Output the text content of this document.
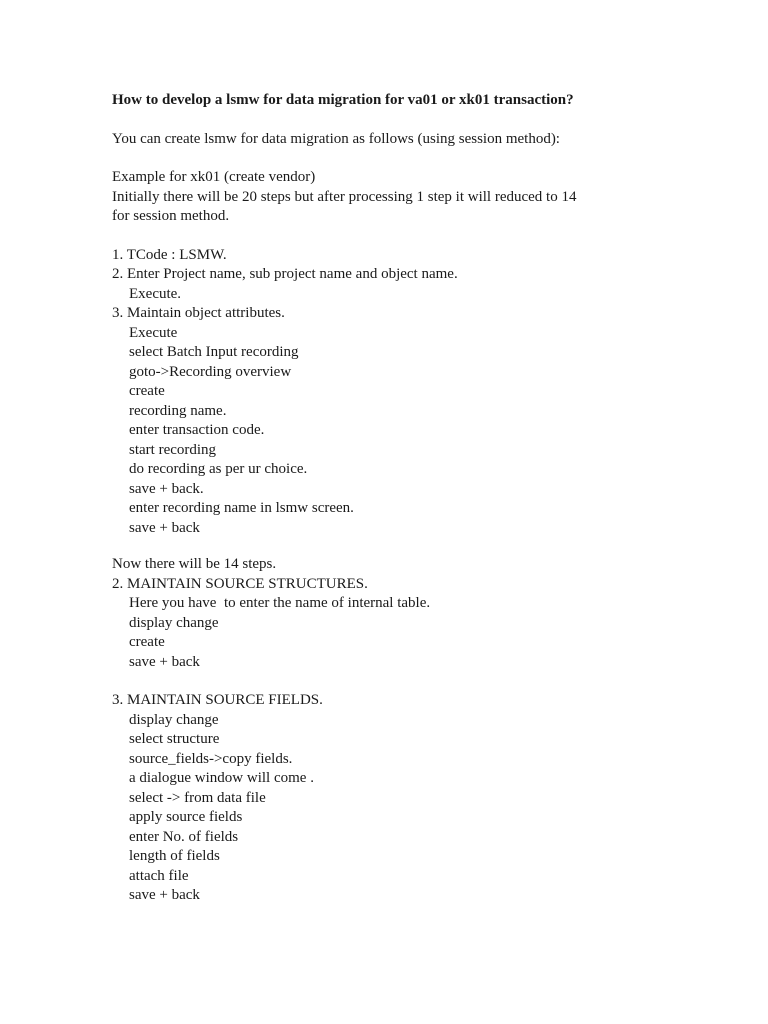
How to develop a lsmw for data migration for va01 or xk01 transaction?
You can create lsmw for data migration as follows (using session method):
Example for xk01 (create vendor)
Initially there will be 20 steps but after processing 1 step it will reduced to 14
for session method.
1. TCode : LSMW.
2. Enter Project name, sub project name and object name.
Execute.
3. Maintain object attributes.
Execute
select Batch Input recording
goto->Recording overview
create
recording name.
enter transaction code.
start recording
do recording as per ur choice.
save + back.
enter recording name in lsmw screen.
save + back
Now there will be 14 steps.
2. MAINTAIN SOURCE STRUCTURES.
Here you have  to enter the name of internal table.
display change
create
save + back
3. MAINTAIN SOURCE FIELDS.
display change
select structure
source_fields->copy fields.
a dialogue window will come .
select -> from data file
apply source fields
enter No. of fields
length of fields
attach file
save + back
